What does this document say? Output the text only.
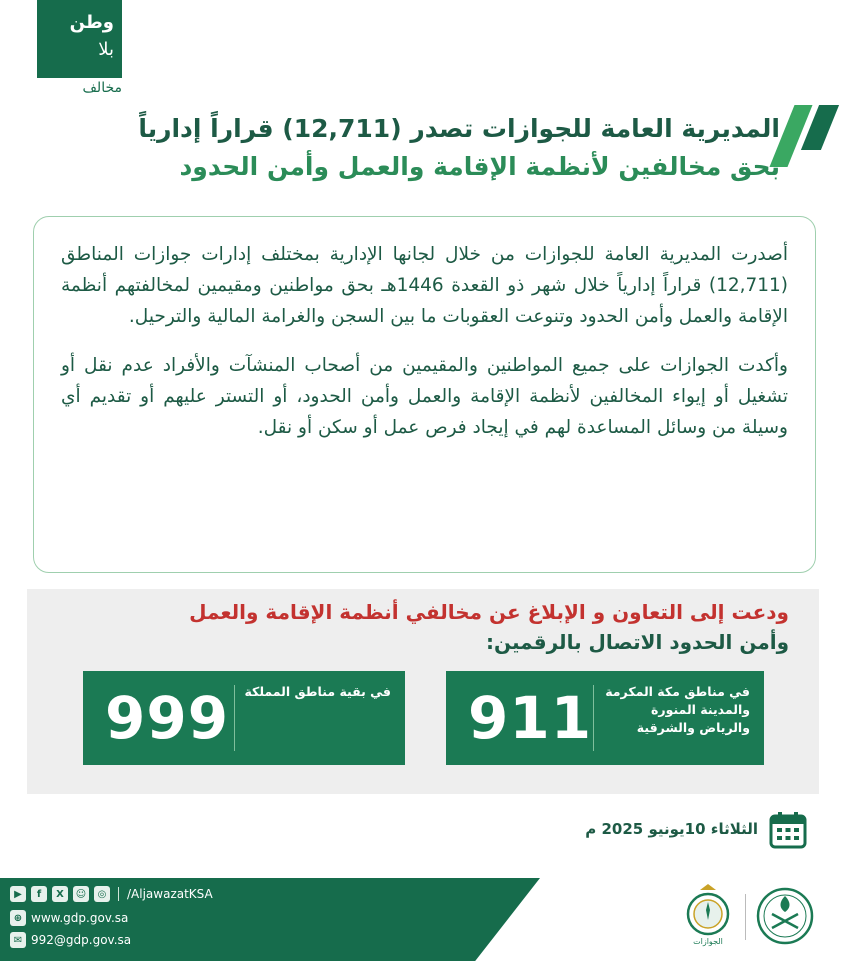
وطن
بلا
مخالف
المديرية العامة للجوازات تصدر (12,711) قراراً إدارياً
بحق مخالفين لأنظمة الإقامة والعمل وأمن الحدود

أصدرت المديرية العامة للجوازات من خلال لجانها الإدارية بمختلف إدارات جوازات المناطق (12,711) قراراً إدارياً خلال شهر ذو القعدة 1446هـ بحق مواطنين ومقيمين لمخالفتهم أنظمة الإقامة والعمل وأمن الحدود وتنوعت العقوبات ما بين السجن والغرامة المالية والترحيل.

وأكدت الجوازات على جميع المواطنين والمقيمين من أصحاب المنشآت والأفراد عدم نقل أو تشغيل أو إيواء المخالفين لأنظمة الإقامة والعمل وأمن الحدود، أو التستر عليهم أو تقديم أي وسيلة من وسائل المساعدة لهم في إيجاد فرص عمل أو سكن أو نقل.

ودعت إلى التعاون و الإبلاغ عن مخالفي أنظمة الإقامة والعمل
وأمن الحدود الاتصال بالرقمين:
في مناطق مكة المكرمة والمدينة المنورة والرياض والشرقية
911
في بقية مناطق المملكة
999
الثلاثاء 10يونيو 2025 م
▶	f	X	☺	◎	/AljawazatKSA
⊕ www.gdp.gov.sa
✉ 992@gdp.gov.sa	الجوازات
